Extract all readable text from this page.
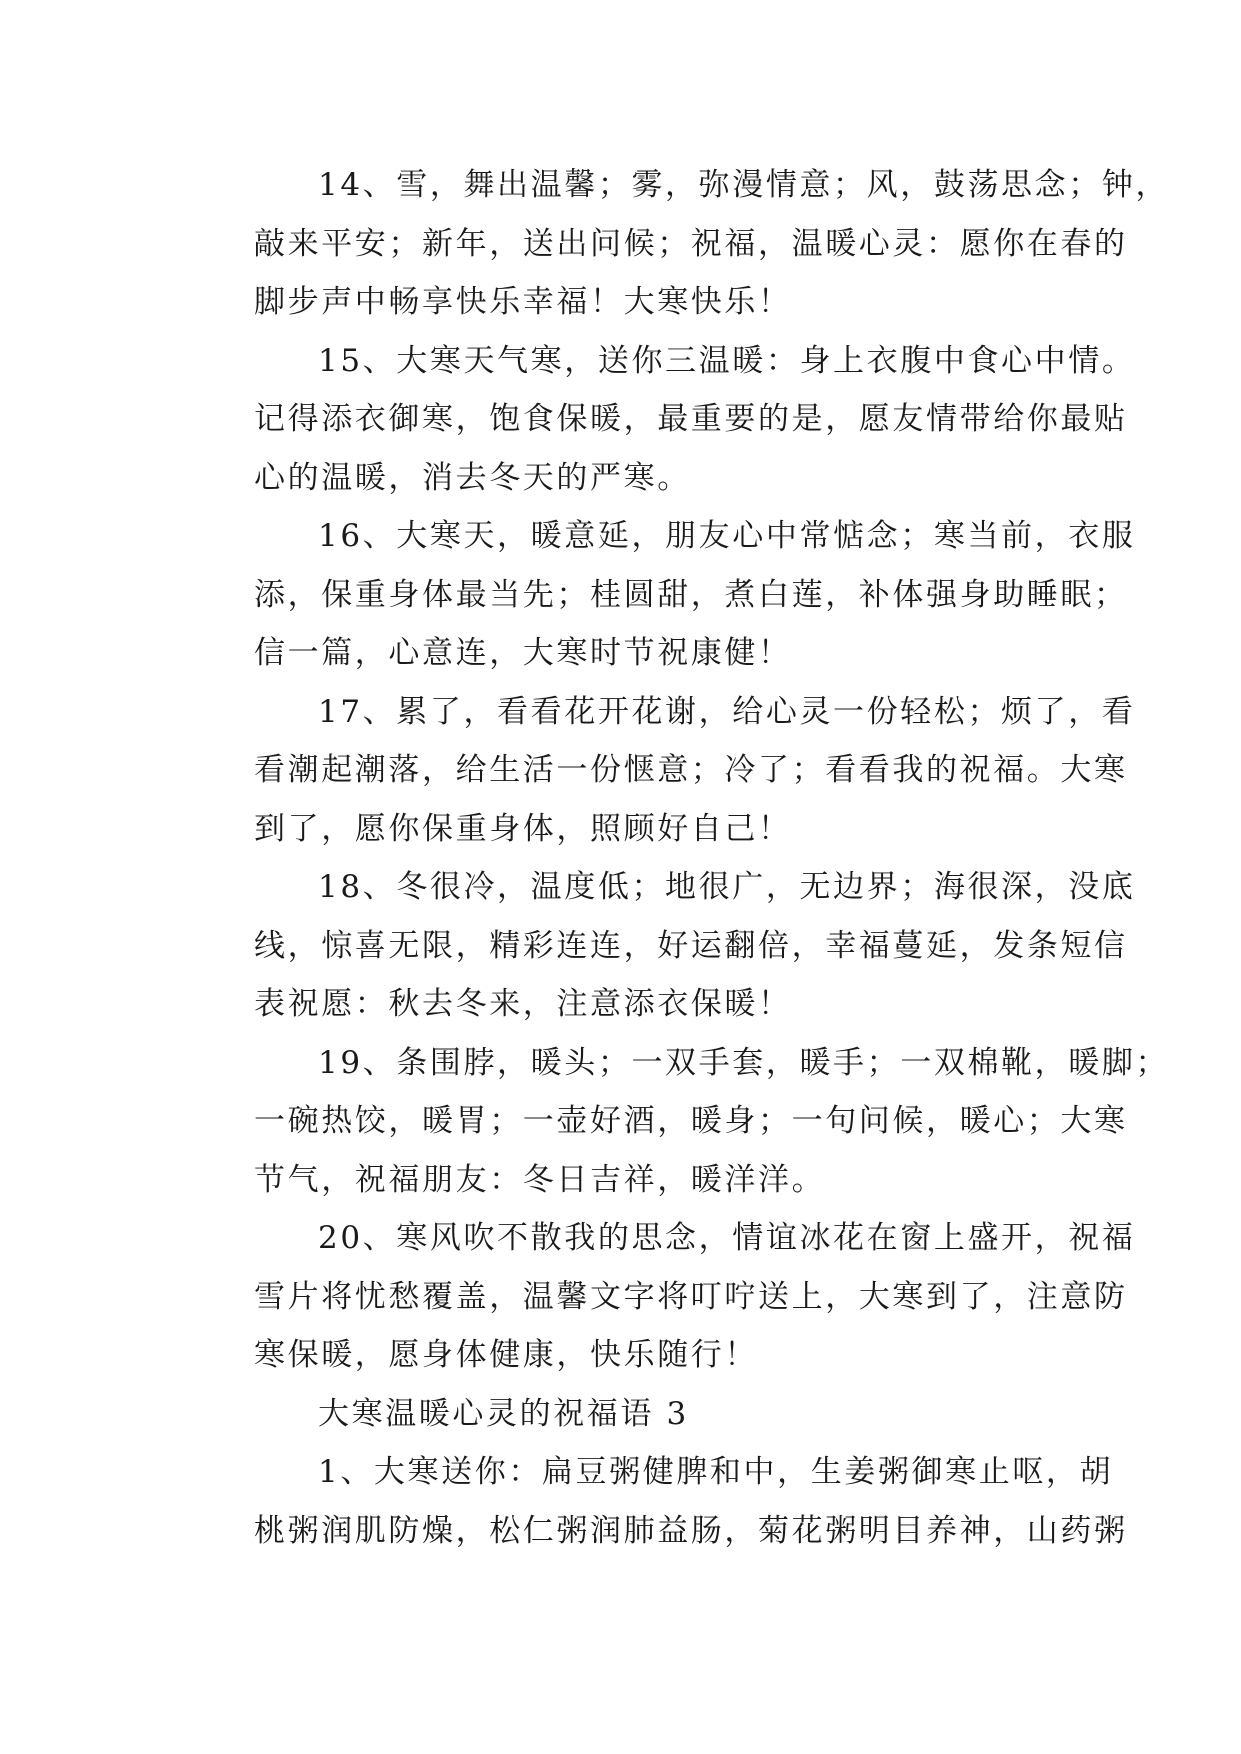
14、雪，舞出温馨；雾，弥漫情意；风，鼓荡思念；钟，
敲来平安；新年，送出问候；祝福，温暖心灵：愿你在春的
脚步声中畅享快乐幸福！大寒快乐！
15、大寒天气寒，送你三温暖：身上衣腹中食心中情。
记得添衣御寒，饱食保暖，最重要的是，愿友情带给你最贴
心的温暖，消去冬天的严寒。
16、大寒天，暖意延，朋友心中常惦念；寒当前，衣服
添，保重身体最当先；桂圆甜，煮白莲，补体强身助睡眠；
信一篇，心意连，大寒时节祝康健！
17、累了，看看花开花谢，给心灵一份轻松；烦了，看
看潮起潮落，给生活一份惬意；冷了；看看我的祝福。大寒
到了，愿你保重身体，照顾好自己！
18、冬很冷，温度低；地很广，无边界；海很深，没底
线，惊喜无限，精彩连连，好运翻倍，幸福蔓延，发条短信
表祝愿：秋去冬来，注意添衣保暖！
19、条围脖，暖头；一双手套，暖手；一双棉靴，暖脚；
一碗热饺，暖胃；一壶好酒，暖身；一句问候，暖心；大寒
节气，祝福朋友：冬日吉祥，暖洋洋。
20、寒风吹不散我的思念，情谊冰花在窗上盛开，祝福
雪片将忧愁覆盖，温馨文字将叮咛送上，大寒到了，注意防
寒保暖，愿身体健康，快乐随行！
大寒温暖心灵的祝福语 3
1、大寒送你：扁豆粥健脾和中，生姜粥御寒止呕，胡
桃粥润肌防燥，松仁粥润肺益肠，菊花粥明目养神，山药粥
